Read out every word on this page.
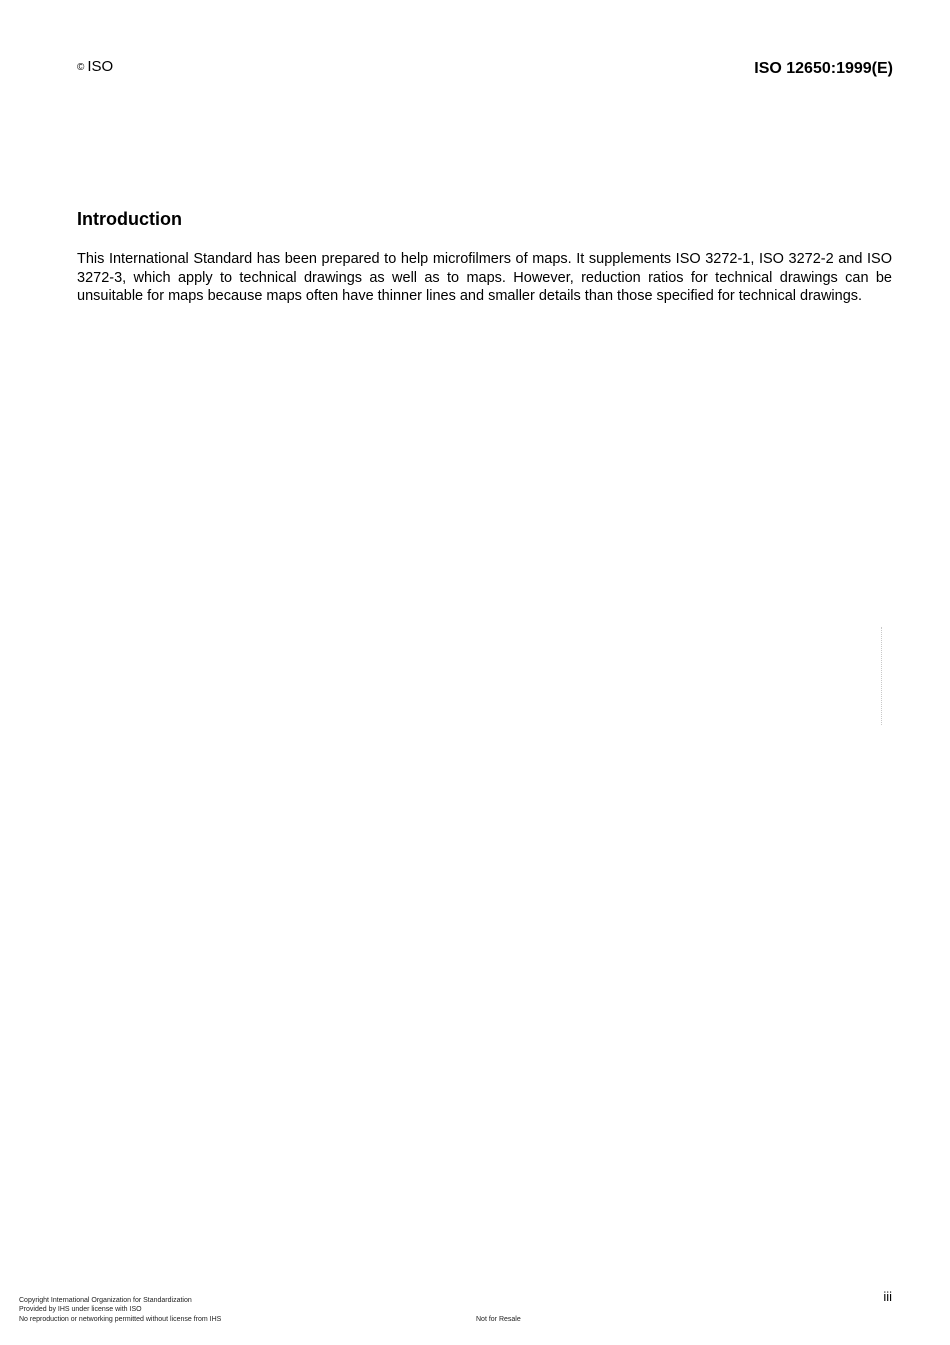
© ISO	ISO 12650:1999(E)
Introduction

This International Standard has been prepared to help microfilmers of maps. It supplements ISO 3272-1, ISO 3272-2 and ISO 3272-3, which apply to technical drawings as well as to maps. However, reduction ratios for technical drawings can be unsuitable for maps because maps often have thinner lines and smaller details than those specified for technical drawings.

iii
Copyright International Organization for Standardization
Provided by IHS under license with ISO
No reproduction or networking permitted without license from IHS	Not for Resale
